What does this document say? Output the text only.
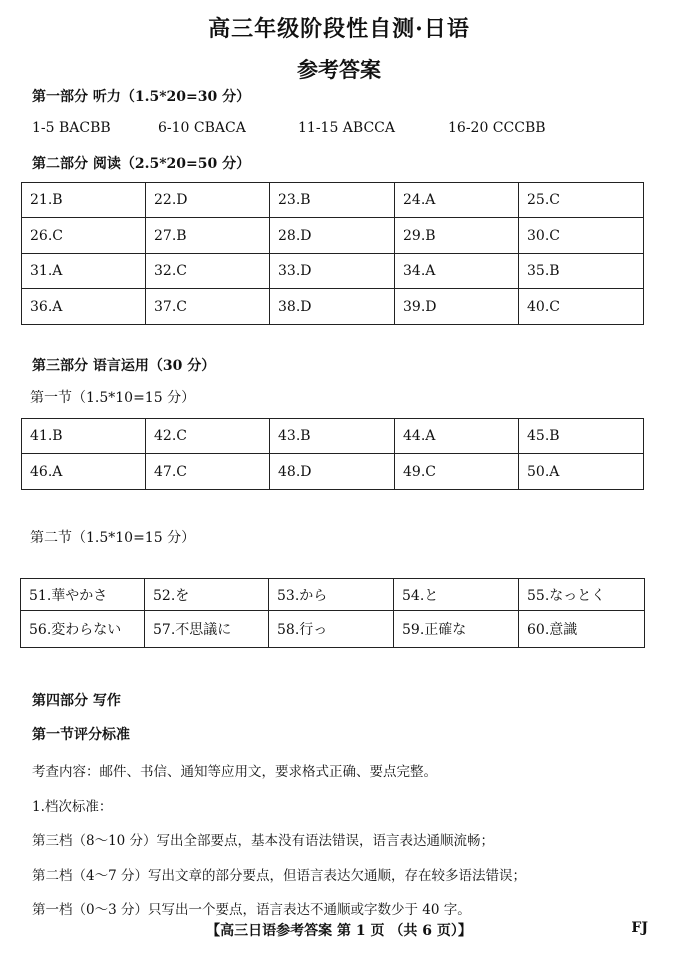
高三年级阶段性自测·日语
参考答案
第一部分 听力（1.5*20=30 分）
1-5 BACBB	6-10 CBACA	11-15 ABCCA	16-20 CCCBB
第二部分 阅读（2.5*20=50 分）
21.B	22.D	23.B	24.A	25.C
26.C	27.B	28.D	29.B	30.C
31.A	32.C	33.D	34.A	35.B
36.A	37.C	38.D	39.D	40.C
第三部分 语言运用（30 分）
第一节（1.5*10=15 分）
41.B	42.C	43.B	44.A	45.B
46.A	47.C	48.D	49.C	50.A
第二节（1.5*10=15 分）
51.華やかさ	52.を	53.から	54.と	55.なっとく
56.変わらない	57.不思議に	58.行っ	59.正確な	60.意識
第四部分 写作
第一节评分标准
考查内容：邮件、书信、通知等应用文，要求格式正确、要点完整。
1.档次标准：
第三档（8～10 分）写出全部要点，基本没有语法错误，语言表达通顺流畅；
第二档（4～7 分）写出文章的部分要点，但语言表达欠通顺，存在较多语法错误；
第一档（0～3 分）只写出一个要点，语言表达不通顺或字数少于 40 字。
【高三日语参考答案 第 1 页 （共 6 页）】	FJ
